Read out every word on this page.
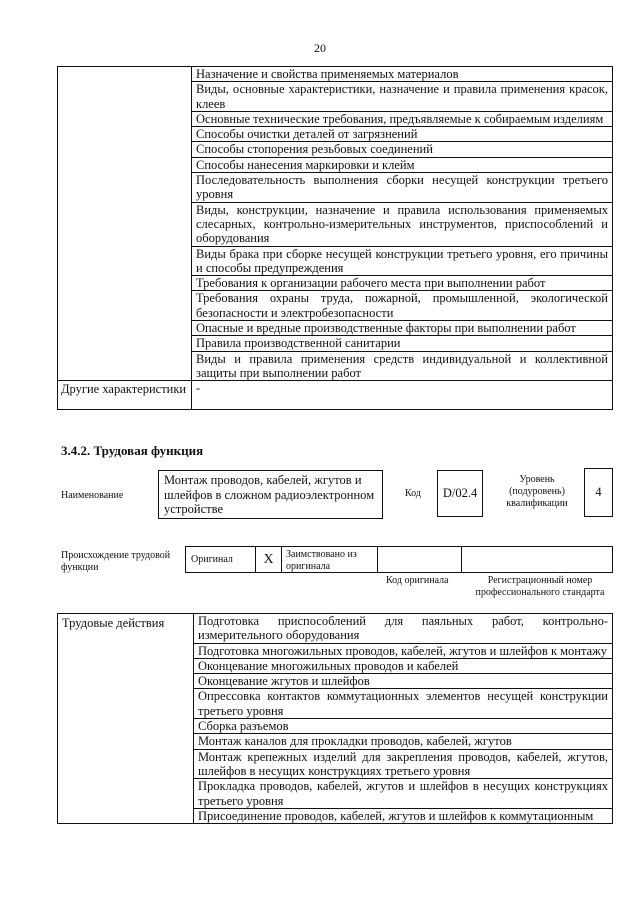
20
	Назначение и свойства применяемых материалов
	Виды, основные характеристики, назначение и правила применения красок, клеев
	Основные технические требования, предъявляемые к собираемым изделиям
	Способы очистки деталей от загрязнений
	Способы стопорения резьбовых соединений
	Способы нанесения маркировки и клейм
	Последовательность выполнения сборки несущей конструкции третьего уровня
	Виды, конструкции, назначение и правила использования применяемых слесарных, контрольно-измерительных инструментов, приспособлений и оборудования
	Виды брака при сборке несущей конструкции третьего уровня, его причины и способы предупреждения
	Требования к организации рабочего места при выполнении работ
	Требования охраны труда, пожарной, промышленной, экологической безопасности и электробезопасности
	Опасные и вредные производственные факторы при выполнении работ
	Правила производственной санитарии
	Виды и правила применения средств индивидуальной и коллективной защиты при выполнении работ
Другие характеристики	-
3.4.2. Трудовая функция
Наименование
Монтаж проводов, кабелей, жгутов и шлейфов в сложном радиоэлектронном устройстве
Код	D/02.4
Уровень (подуровень) квалификации
4
Происхождение трудовой функции
Оригинал	X	Заимствовано из оригинала
Код оригинала	Регистрационный номер профессионального стандарта
Трудовые действия	Подготовка приспособлений для паяльных работ, контрольно-измерительного оборудования
Подготовка многожильных проводов, кабелей, жгутов и шлейфов к монтажу
Оконцевание многожильных проводов и кабелей
Оконцевание жгутов и шлейфов
Опрессовка контактов коммутационных элементов несущей конструкции третьего уровня
Сборка разъемов
Монтаж каналов для прокладки проводов, кабелей, жгутов
Монтаж крепежных изделий для закрепления проводов, кабелей, жгутов, шлейфов в несущих конструкциях третьего уровня
Прокладка проводов, кабелей, жгутов и шлейфов в несущих конструкциях третьего уровня
Присоединение проводов, кабелей, жгутов и шлейфов к коммутационным
